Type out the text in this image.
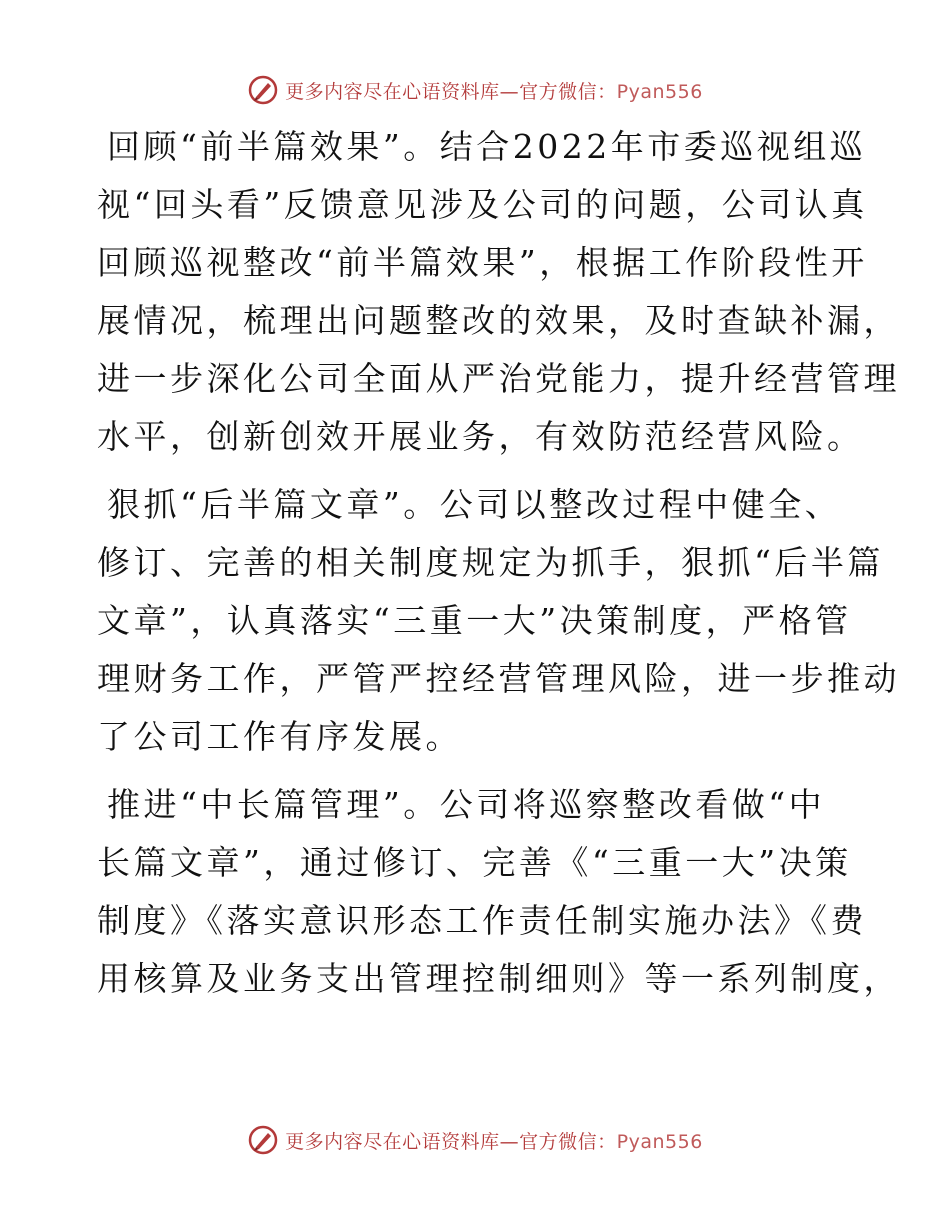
更多内容尽在心语资料库—官方微信：Pyan556
回顾“前半篇效果”。结合2022年市委巡视组巡
视“回头看”反馈意见涉及公司的问题，公司认真
回顾巡视整改“前半篇效果”，根据工作阶段性开
展情况，梳理出问题整改的效果，及时查缺补漏，
进一步深化公司全面从严治党能力，提升经营管理
水平，创新创效开展业务，有效防范经营风险。
狠抓“后半篇文章”。公司以整改过程中健全、
修订、完善的相关制度规定为抓手，狠抓“后半篇
文章”，认真落实“三重一大”决策制度，严格管
理财务工作，严管严控经营管理风险，进一步推动
了公司工作有序发展。
推进“中长篇管理”。公司将巡察整改看做“中
长篇文章”，通过修订、完善《“三重一大”决策
制度》《落实意识形态工作责任制实施办法》《费
用核算及业务支出管理控制细则》等一系列制度，
更多内容尽在心语资料库—官方微信：Pyan556
